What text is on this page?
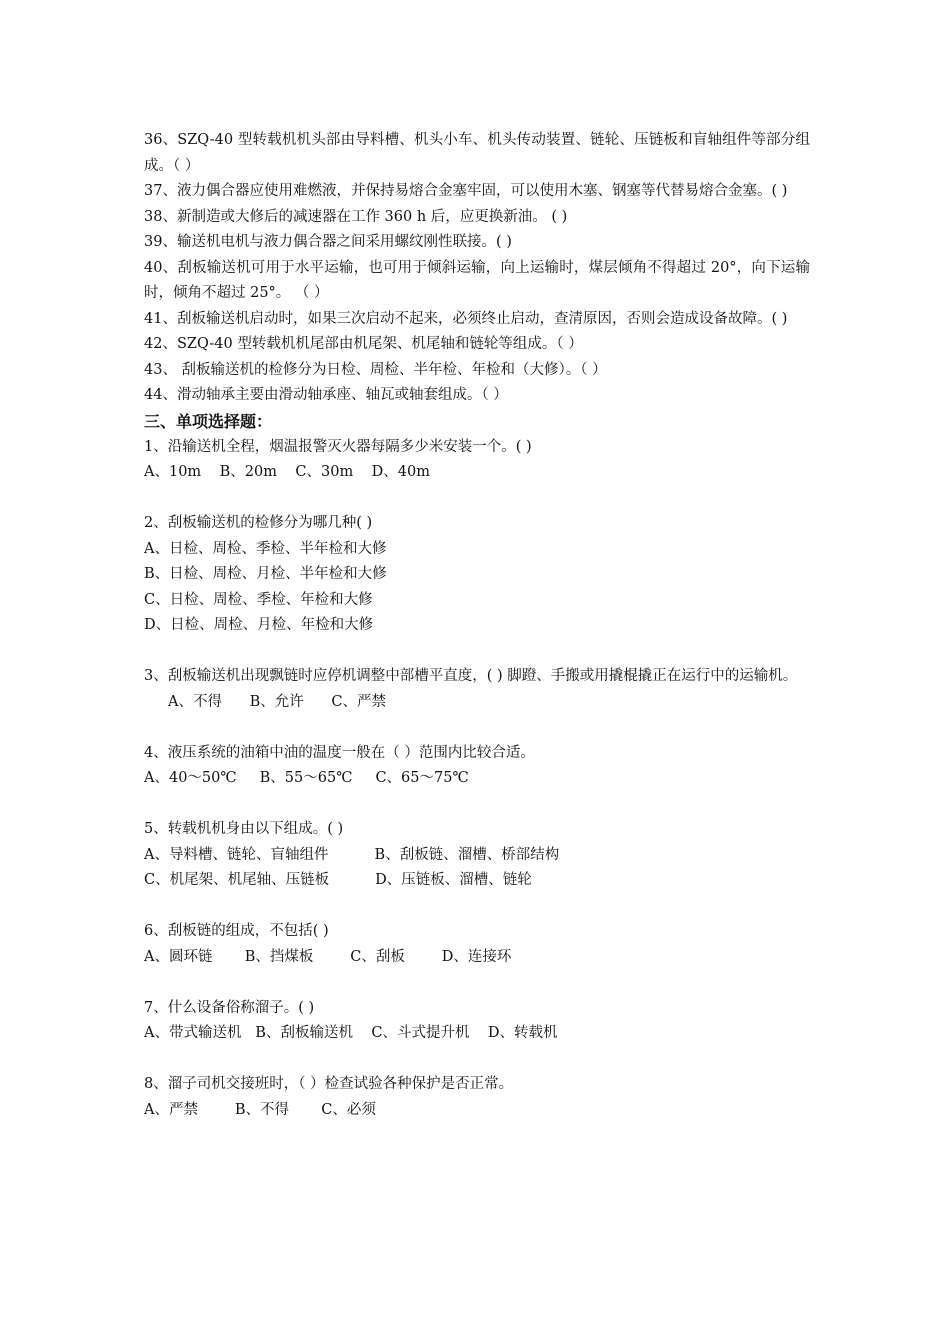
36、SZQ-40 型转载机机头部由导料槽、机头小车、机头传动装置、链轮、压链板和盲轴组件等部分组成。（ ）
37、液力偶合器应使用难燃液，并保持易熔合金塞牢固，可以使用木塞、钢塞等代替易熔合金塞。( )
38、新制造或大修后的减速器在工作 360 h 后，应更换新油。 ( )
39、输送机电机与液力偶合器之间采用螺纹刚性联接。( )
40、刮板输送机可用于水平运输，也可用于倾斜运输，向上运输时，煤层倾角不得超过 20°，向下运输时，倾角不超过 25°。 （ ）
41、刮板输送机启动时，如果三次启动不起来，必须终止启动，查清原因，否则会造成设备故障。( )
42、SZQ-40 型转载机机尾部由机尾架、机尾轴和链轮等组成。（ ）
43、 刮板输送机的检修分为日检、周检、半年检、年检和（大修）。（ ）
44、滑动轴承主要由滑动轴承座、轴瓦或轴套组成。（ ）
三、单项选择题：
1、沿输送机全程，烟温报警灭火器每隔多少米安装一个。( )
A、10m    B、20m    C、30m    D、40m
2、刮板输送机的检修分为哪几种( )
A、日检、周检、季检、半年检和大修
B、日检、周检、月检、半年检和大修
C、日检、周检、季检、年检和大修
D、日检、周检、月检、年检和大修
3、刮板输送机出现飘链时应停机调整中部槽平直度，( ) 脚蹬、手搬或用撬棍撬正在运行中的运输机。
A、不得      B、允许      C、严禁
4、液压系统的油箱中油的温度一般在（ ）范围内比较合适。
A、40～50℃     B、55～65℃     C、65～75℃
5、转载机机身由以下组成。( )
A、导料槽、链轮、盲轴组件          B、刮板链、溜槽、桥部结构
C、机尾架、机尾轴、压链板          D、压链板、溜槽、链轮
6、刮板链的组成，不包括( )
A、圆环链       B、挡煤板        C、刮板        D、连接环
7、什么设备俗称溜子。( )
A、带式输送机   B、刮板输送机    C、斗式提升机    D、转载机
8、溜子司机交接班时，（ ）检查试验各种保护是否正常。
A、严禁        B、不得       C、必须
